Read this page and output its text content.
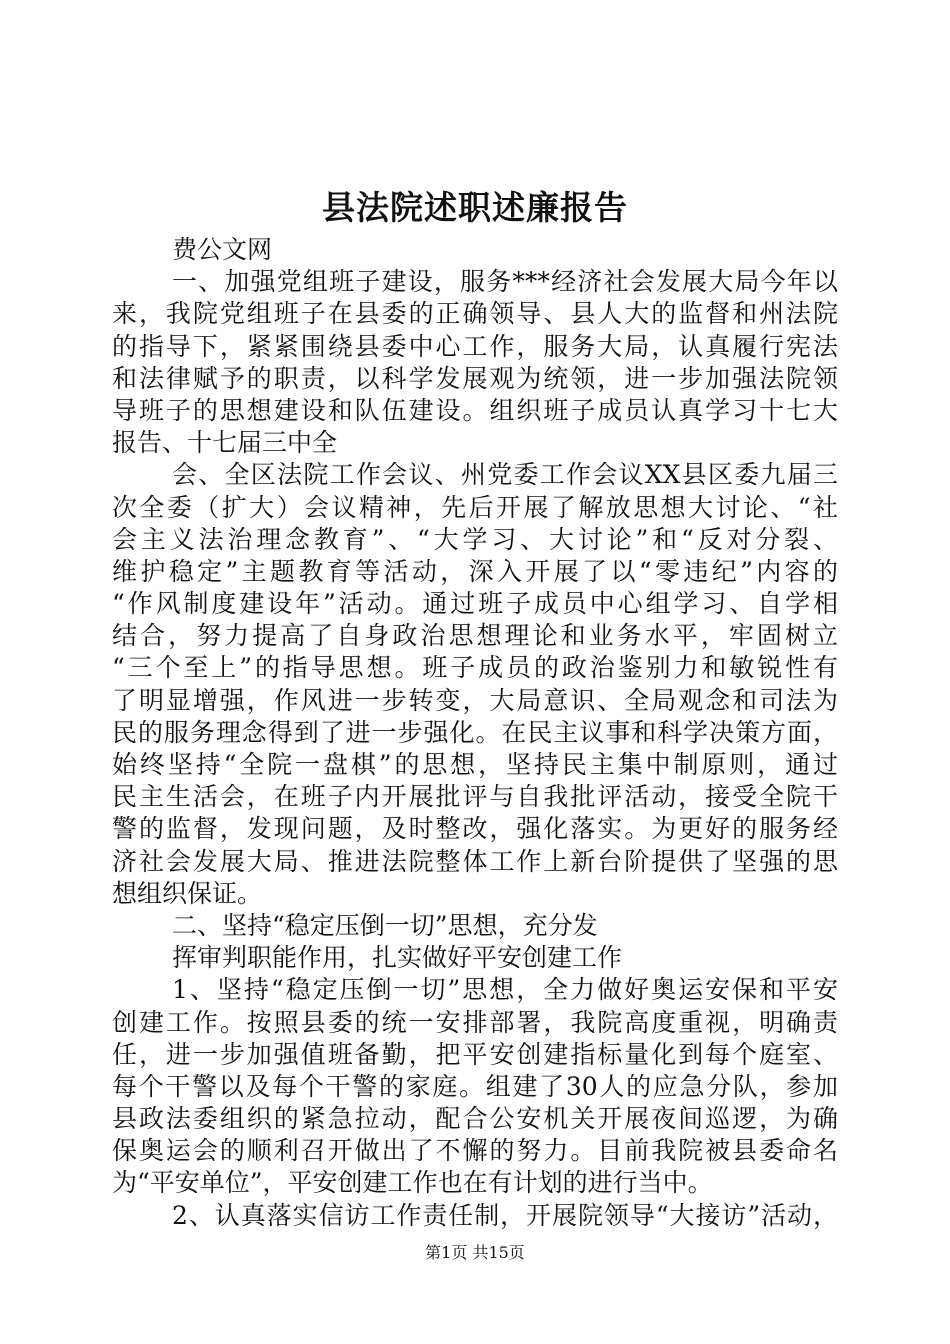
县法院述职述廉报告
费公文网
一、加强党组班子建设，服务***经济社会发展大局今年以
来，我院党组班子在县委的正确领导、县人大的监督和州法院
的指导下，紧紧围绕县委中心工作，服务大局，认真履行宪法
和法律赋予的职责，以科学发展观为统领，进一步加强法院领
导班子的思想建设和队伍建设。组织班子成员认真学习十七大
报告、十七届三中全
会、全区法院工作会议、州党委工作会议XX县区委九届三
次全委（扩大）会议精神，先后开展了解放思想大讨论、“社
会主义法治理念教育”、“大学习、大讨论”和“反对分裂、
维护稳定”主题教育等活动，深入开展了以“零违纪”内容的
“作风制度建设年”活动。通过班子成员中心组学习、自学相
结合，努力提高了自身政治思想理论和业务水平，牢固树立
“三个至上”的指导思想。班子成员的政治鉴别力和敏锐性有
了明显增强，作风进一步转变，大局意识、全局观念和司法为
民的服务理念得到了进一步强化。在民主议事和科学决策方面，
始终坚持“全院一盘棋”的思想，坚持民主集中制原则，通过
民主生活会，在班子内开展批评与自我批评活动，接受全院干
警的监督，发现问题，及时整改，强化落实。为更好的服务经
济社会发展大局、推进法院整体工作上新台阶提供了坚强的思
想组织保证。
二、坚持“稳定压倒一切”思想，充分发
挥审判职能作用，扎实做好平安创建工作
1、坚持“稳定压倒一切”思想，全力做好奥运安保和平安
创建工作。按照县委的统一安排部署，我院高度重视，明确责
任，进一步加强值班备勤，把平安创建指标量化到每个庭室、
每个干警以及每个干警的家庭。组建了30人的应急分队，参加
县政法委组织的紧急拉动，配合公安机关开展夜间巡逻，为确
保奥运会的顺利召开做出了不懈的努力。目前我院被县委命名
为“平安单位”，平安创建工作也在有计划的进行当中。
2、认真落实信访工作责任制，开展院领导“大接访”活动，
第1页 共15页
